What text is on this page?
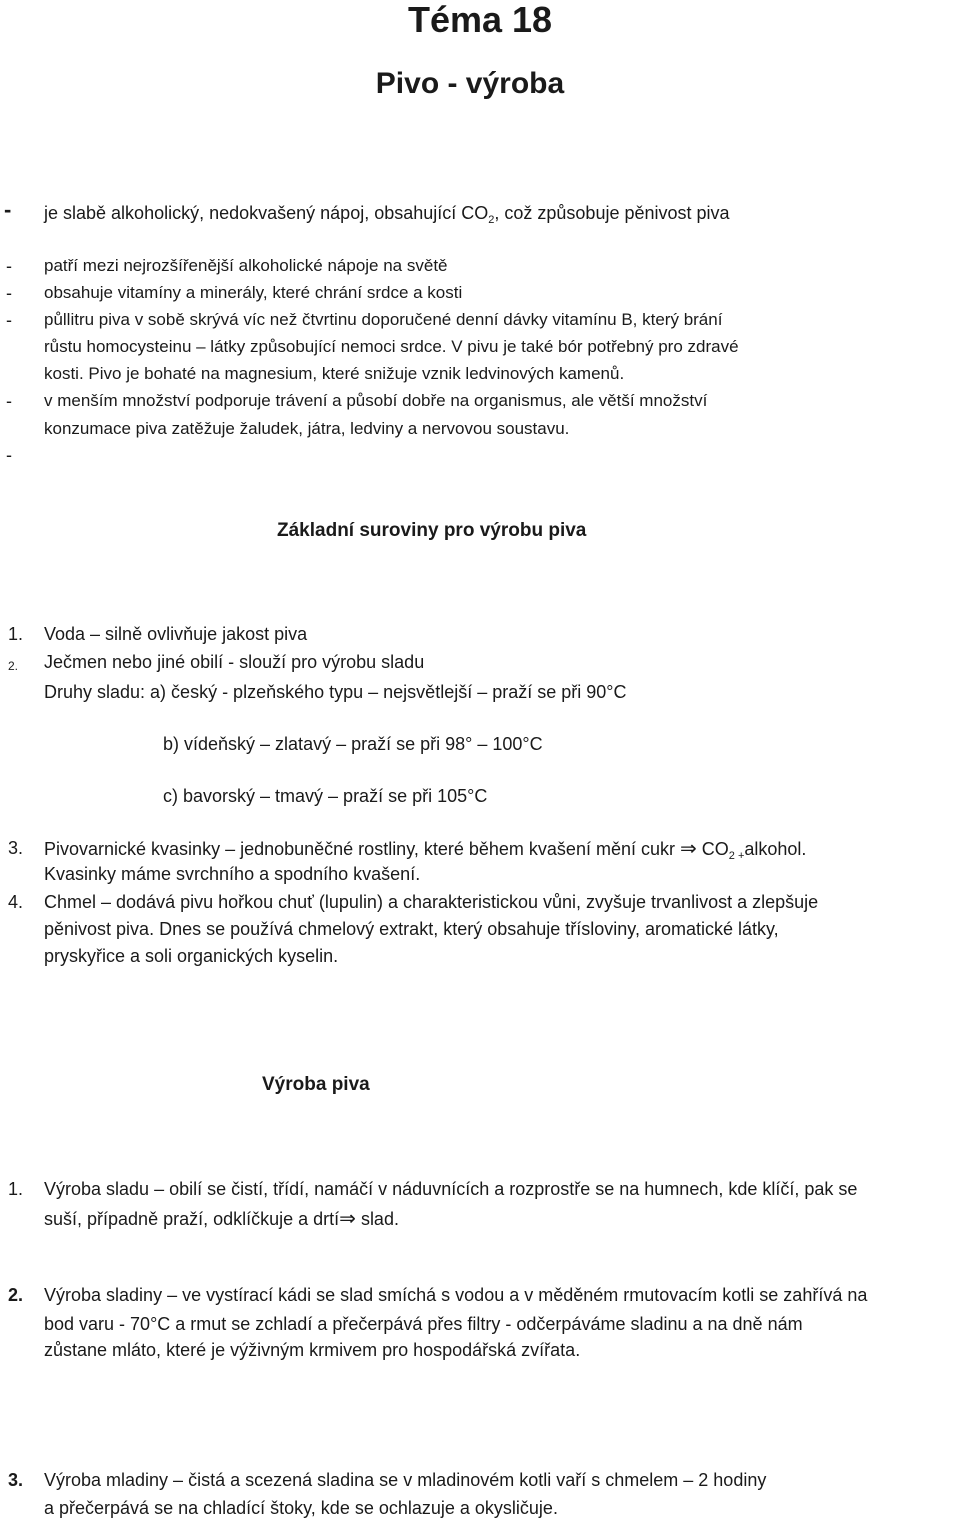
Téma 18
Pivo - výroba
- je slabě alkoholický, nedokvašený nápoj, obsahující $CO_2$, což způsobuje pěnivost piva
- patří mezi nejrozšířenější alkoholické nápoje na světě
- obsahuje vitamíny a minerály, které chrání srdce a kosti
- půllitru piva v sobě skrývá víc než čtvrtinu doporučené denní dávky vitamínu B, který brání
růstu homocysteinu – látky způsobující nemoci srdce. V pivu je také bór potřebný pro zdravé
kosti. Pivo je bohaté na magnesium, které snižuje vznik ledvinových kamenů.
- v menším množství podporuje trávení a působí dobře na organismus, ale větší množství
konzumace piva zatěžuje žaludek, játra, ledviny a nervovou soustavu.
-
Základní suroviny pro výrobu piva
1. Voda – silně ovlivňuje jakost piva
2. Ječmen nebo jiné obilí - slouží pro výrobu sladu
Druhy sladu: a) český - plzeňského typu – nejsvětlejší – praží se při 90°C
b) vídeňský – zlatavý – praží se při 98° – 100°C
c) bavorský – tmavý – praží se při 105°C
3. Pivovarnické kvasinky – jednobuněčné rostliny, které během kvašení mění cukr ⇒ $CO_{2 +}alkohol$.
Kvasinky máme svrchního a spodního kvašení.
4. Chmel – dodává pivu hořkou chuť (lupulin) a charakteristickou vůni, zvyšuje trvanlivost a zlepšuje
pěnivost piva. Dnes se používá chmelový extrakt, který obsahuje třísloviny, aromatické látky,
pryskyřice a soli organických kyselin.
Výroba piva
1. Výroba sladu – obilí se čistí, třídí, namáčí v náduvnících a rozprostře se na humnech, kde klíčí, pak se
suší, případně praží, odklíčkuje a drtí⇒ slad.
2. Výroba sladiny – ve vystírací kádi se slad smíchá s vodou a v měděném rmutovacím kotli se zahřívá na
bod varu - 70°C a rmut se zchladí a přečerpává přes filtry - odčerpáváme sladinu a na dně nám
zůstane mláto, které je výživným krmivem pro hospodářská zvířata.
3. Výroba mladiny – čistá a scezená sladina se v mladinovém kotli vaří s chmelem – 2 hodiny
a přečerpává se na chladící štoky, kde se ochlazuje a okysličuje.
